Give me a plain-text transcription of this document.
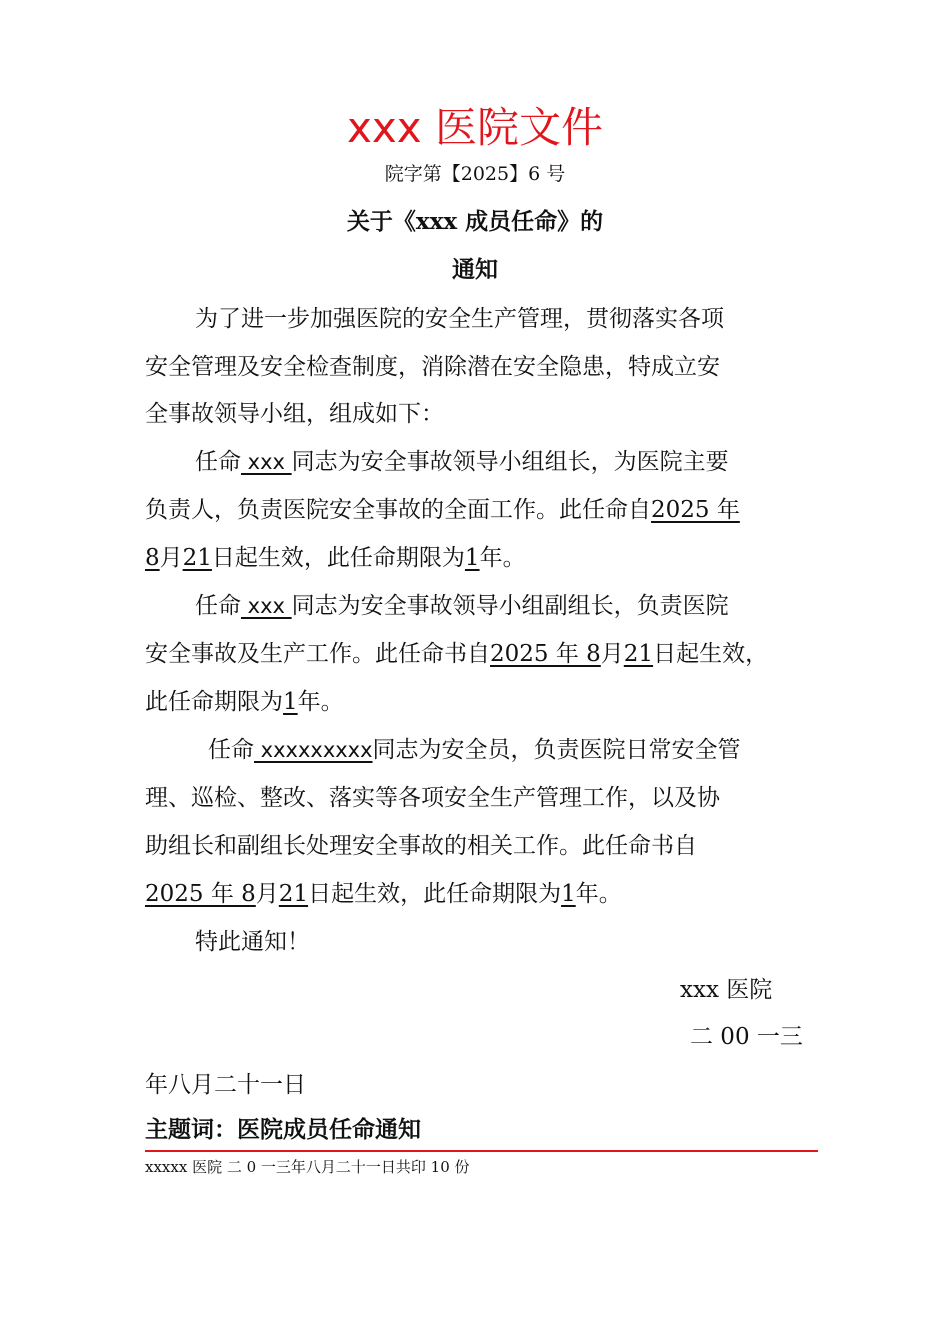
xxx 医院文件
院字第【2025】6 号
关于《xxx 成员任命》的
通知
为了进一步加强医院的安全生产管理，贯彻落实各项
安全管理及安全检查制度，消除潜在安全隐患，特成立安
全事故领导小组，组成如下：
任命 xxx 同志为安全事故领导小组组长，为医院主要
负责人，负责医院安全事故的全面工作。此任命自2025 年
8月21日起生效，此任命期限为1年。
任命 xxx 同志为安全事故领导小组副组长，负责医院
安全事故及生产工作。此任命书自2025 年 8月21日起生效，
此任命期限为1年。
任命 xxxxxxxxx同志为安全员，负责医院日常安全管
理、巡检、整改、落实等各项安全生产管理工作，以及协
助组长和副组长处理安全事故的相关工作。此任命书自
2025 年 8月21日起生效，此任命期限为1年。
特此通知！
xxx 医院
二 00 一三
年八月二十一日
主题词：医院成员任命通知
xxxxx 医院 二 0 一三年八月二十一日共印 10 份
